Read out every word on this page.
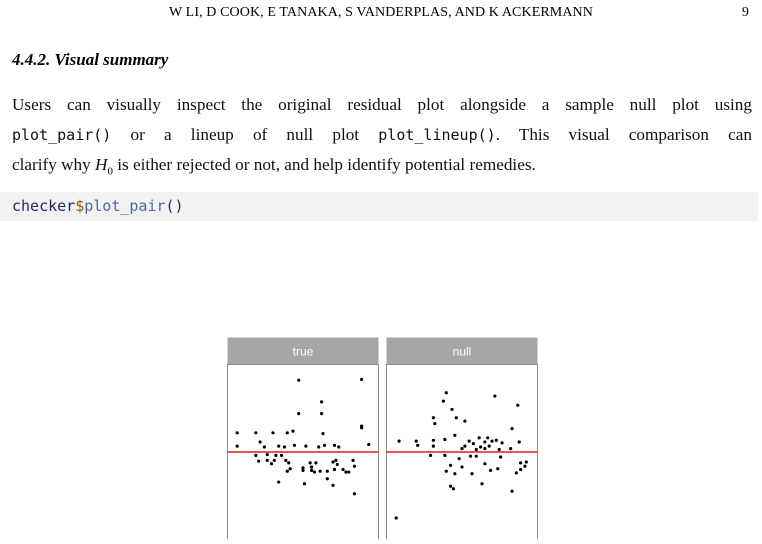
W LI, D COOK, E TANAKA, S VANDERPLAS, AND K ACKERMANN	9
4.4.2. Visual summary
Users can visually inspect the original residual plot alongside a sample null plot using
plot_pair() or a lineup of null plot plot_lineup(). This visual comparison can
clarify why $H_0$ is either rejected or not, and help identify potential remedies.
checker$plot_pair()
true	null
